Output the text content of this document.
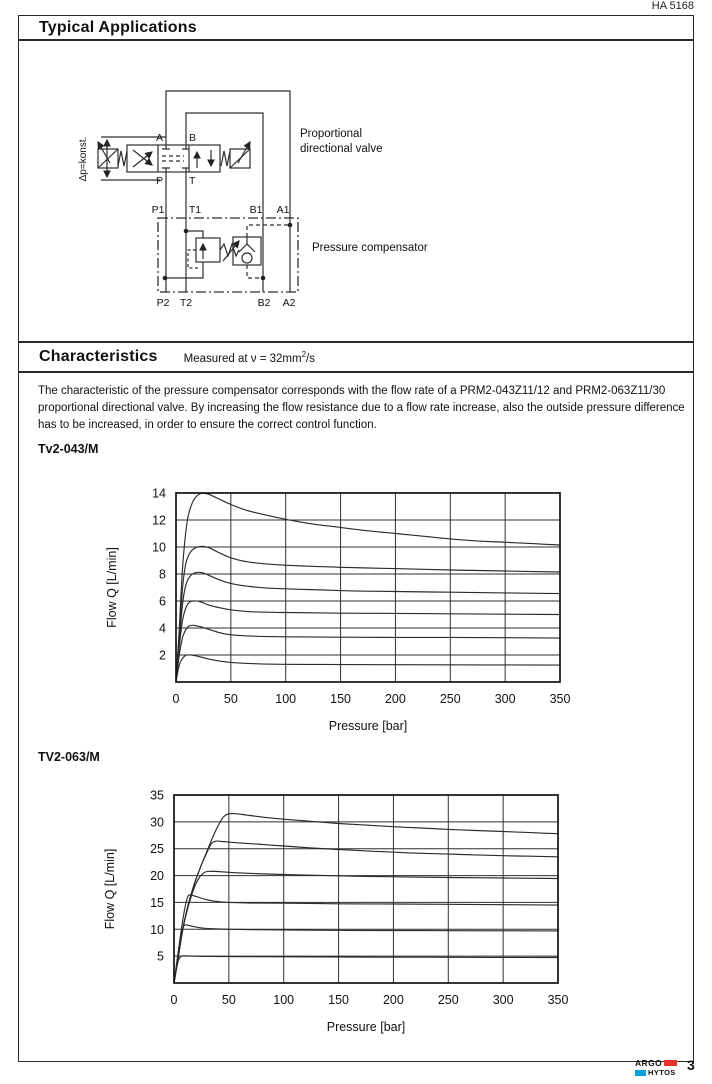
HA 5168
Typical Applications
Δp=konst.	A B
P T
P1 T1	B1 A1
P2 T2	B2 A2
Proportional
directional valve
Pressure compensator
Characteristics Measured at $\nu = 32mm^2/s$
The characteristic of the pressure compensator corresponds with the flow rate of a PRM2-043Z11/12 and PRM2-063Z11/30 proportional directional valve. By increasing the flow resistance due to a flow rate increase, also the outside pressure difference has to be increased, in order to ensure the correct control function.
Tv2-043/M
0	50	100	150	200	250	300	350
2
4
6
8
10
12
14
Pressure [bar]
Flow Q [L/min]
TV2-063/M
0	50	100	150	200	250	300	350
5
10
15
20
25
30
35
Pressure [bar]
Flow Q [L/min]
ARGO
HYTOS 3
